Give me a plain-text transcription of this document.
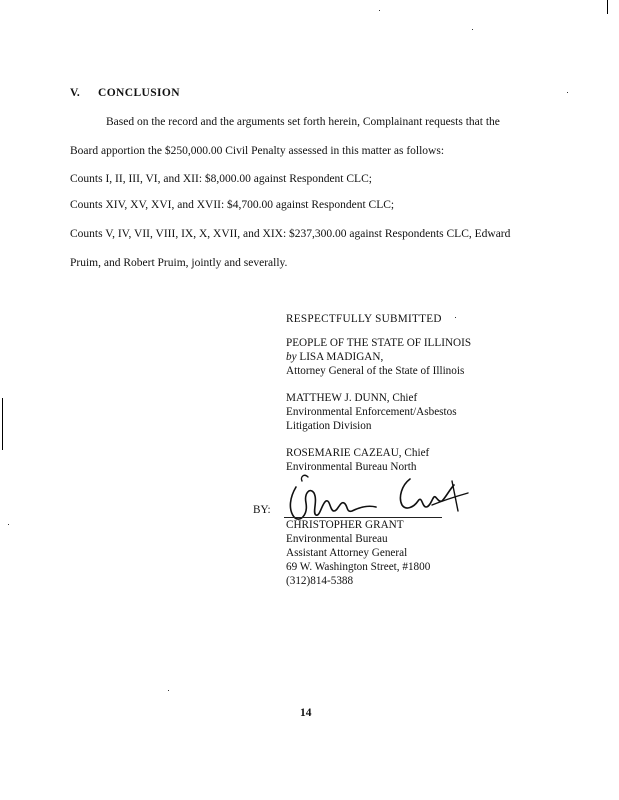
V. CONCLUSION
Based on the record and the arguments set forth herein, Complainant requests that the
Board apportion the $250,000.00 Civil Penalty assessed in this matter as follows:
Counts I, II, III, VI, and XII: $8,000.00 against Respondent CLC;
Counts XIV, XV, XVI, and XVII: $4,700.00 against Respondent CLC;
Counts V, IV, VII, VIII, IX, X, XVII, and XIX: $237,300.00 against Respondents CLC, Edward
Pruim, and Robert Pruim, jointly and severally.
RESPECTFULLY SUBMITTED
PEOPLE OF THE STATE OF ILLINOIS
by LISA MADIGAN,
Attorney General of the State of Illinois
MATTHEW J. DUNN, Chief
Environmental Enforcement/Asbestos
Litigation Division
ROSEMARIE CAZEAU, Chief
Environmental Bureau North
BY:
CHRISTOPHER GRANT
Environmental Bureau
Assistant Attorney General
69 W. Washington Street, #1800
(312)814-5388
14
